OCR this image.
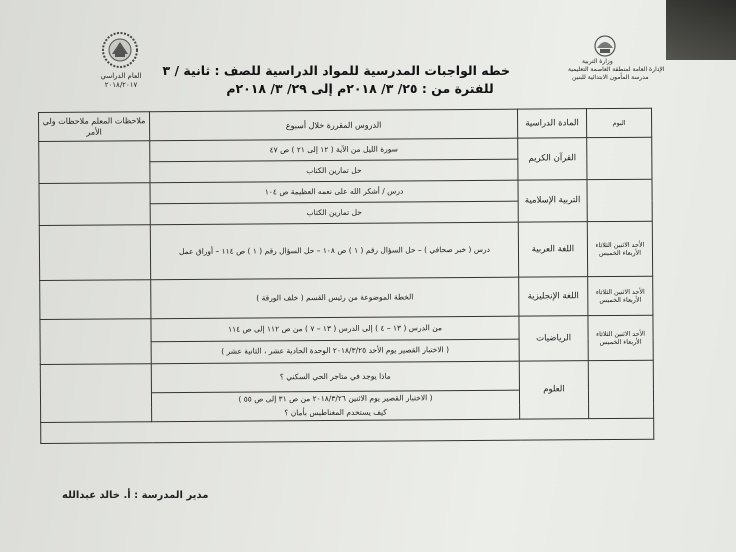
وزارة التربية
الإدارة العامة لمنطقة العاصمة التعليمية
مدرسة المأمون الابتدائية للبنين
العام الدراسي
٢٠١٨/٢٠١٧
خطه الواجبات المدرسية للمواد الدراسية للصف : ثانية / ٣
للفترة من : ٢٥/ ٣/ ٢٠١٨م إلى ٢٩/ ٣/ ٢٠١٨م
اليوم	المادة الدراسية	الدروس المقررة خلال أسبوع	ملاحظات المعلم ملاحظات ولي الأمر
	القرآن الكريم	سورة الليل من الآية ( ١٢ إلى ٢١ ) ص ٤٧	
		حل تمارين الكتاب	
	التربية الإسلامية	درس / أشكر الله على نعمه العظيمة ص ١٠٤	
		حل تمارين الكتاب	
الأحد الاثنين الثلاثاء الأربعاء الخميس	اللغة العربية	درس ( خبر صحافي ) – حل السؤال رقم ( ١ ) ص ١٠٨ – حل السؤال رقم ( ١ ) ص ١١٤ – أوراق عمل	
الأحد الاثنين الثلاثاء الأربعاء الخميس	اللغة الإنجليزية	الخطة الموضوعة من رئيس القسم ( خلف الورقة )	
الأحد الاثنين الثلاثاء الأربعاء الخميس	الرياضيات	من الدرس ( ١٣ – ٤ ) إلى الدرس ( ١٣ – ٧ ) من ص ١١٢ إلى ص ١١٤	
		( الاختبار القصير يوم الأحد ٢٠١٨/٣/٢٥ الوحدة الحادية عشر ، الثانية عشر )	
	العلوم	ماذا يوجد في متاجر الحي السكني ؟	
		( الاختبار القصير يوم الاثنين ٢٠١٨/٣/٢٦ من ص ٣١ إلى ص ٥٥ )	
		كيف يستخدم المغناطيس بأمان ؟	

مدير المدرسة : أ. خالد عبدالله
